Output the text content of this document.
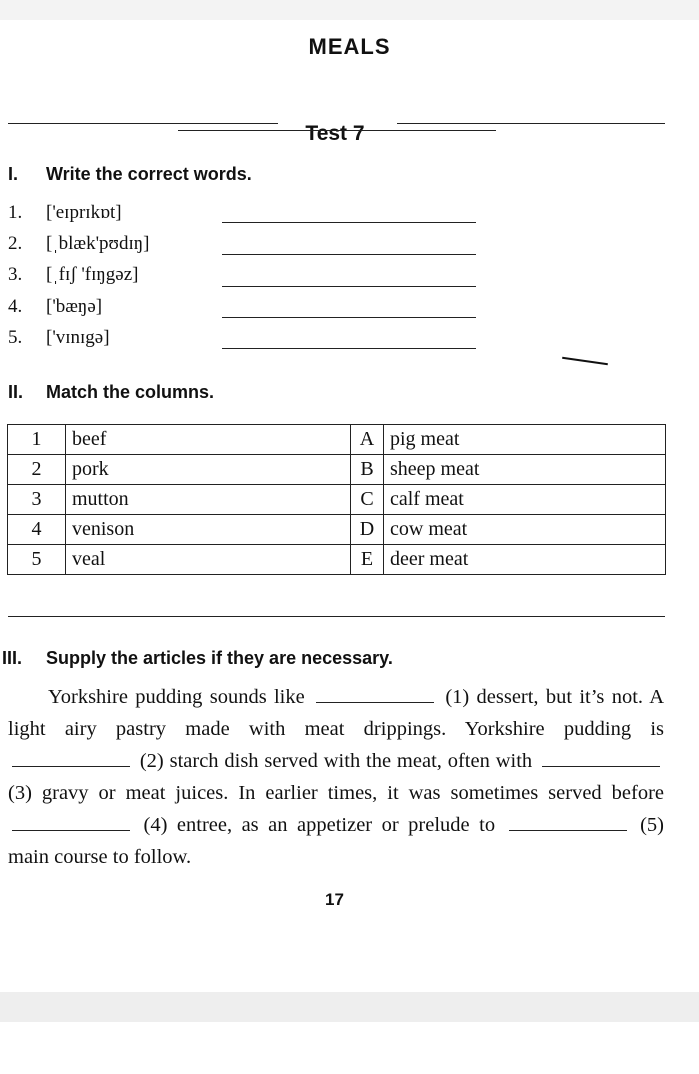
MEALS
Test 7
I. Write the correct words.
1. ['eɪprɪkɒt]
2. [ˌblæk'pʊdɪŋ]
3. [ˌfɪʃ 'fɪŋgəz]
4. ['bæŋə]
5. ['vɪnɪgə]
II. Match the columns.
1	beef	A	pig meat
2	pork	B	sheep meat
3	mutton	C	calf meat
4	venison	D	cow meat
5	veal	E	deer meat
III. Supply the articles if they are necessary.
Yorkshire pudding sounds like	(1) dessert, but it’s not. A light airy pastry made with meat drippings. Yorkshire pudding is  (2) starch dish served with the meat, often with  (3) gravy or meat juices. In earlier times, it was sometimes served before  (4) entree, as an appetizer or prelude to	(5) main course to follow.
17
